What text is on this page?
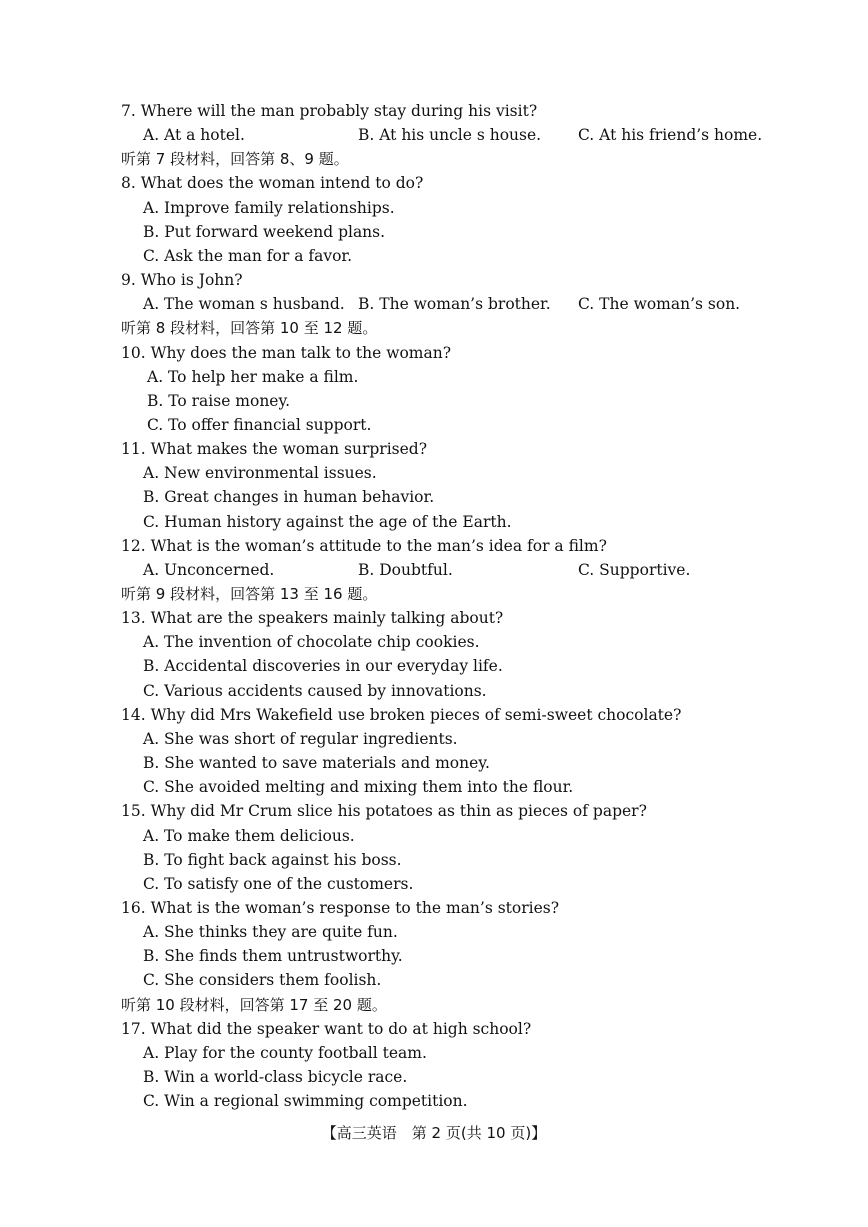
7. Where will the man probably stay during his visit?
A. At a hotel.	B. At his uncle s house. C. At his friend’s home.
听第 7 段材料，回答第 8、9 题。
8. What does the woman intend to do?
A. Improve family relationships.
B. Put forward weekend plans.
C. Ask the man for a favor.
9. Who is John?
A. The woman s husband. B. The woman’s brother. C. The woman’s son.
听第 8 段材料，回答第 10 至 12 题。
10. Why does the man talk to the woman?
A. To help her make a film.
B. To raise money.
C. To offer financial support.
11. What makes the woman surprised?
A. New environmental issues.
B. Great changes in human behavior.
C. Human history against the age of the Earth.
12. What is the woman’s attitude to the man’s idea for a film?
A. Unconcerned.	B. Doubtful.	C. Supportive.
听第 9 段材料，回答第 13 至 16 题。
13. What are the speakers mainly talking about?
A. The invention of chocolate chip cookies.
B. Accidental discoveries in our everyday life.
C. Various accidents caused by innovations.
14. Why did Mrs Wakefield use broken pieces of semi-sweet chocolate?
A. She was short of regular ingredients.
B. She wanted to save materials and money.
C. She avoided melting and mixing them into the flour.
15. Why did Mr Crum slice his potatoes as thin as pieces of paper?
A. To make them delicious.
B. To fight back against his boss.
C. To satisfy one of the customers.
16. What is the woman’s response to the man’s stories?
A. She thinks they are quite fun.
B. She finds them untrustworthy.
C. She considers them foolish.
听第 10 段材料，回答第 17 至 20 题。
17. What did the speaker want to do at high school?
A. Play for the county football team.
B. Win a world-class bicycle race.
C. Win a regional swimming competition.
【高三英语　第 2 页(共 10 页)】
